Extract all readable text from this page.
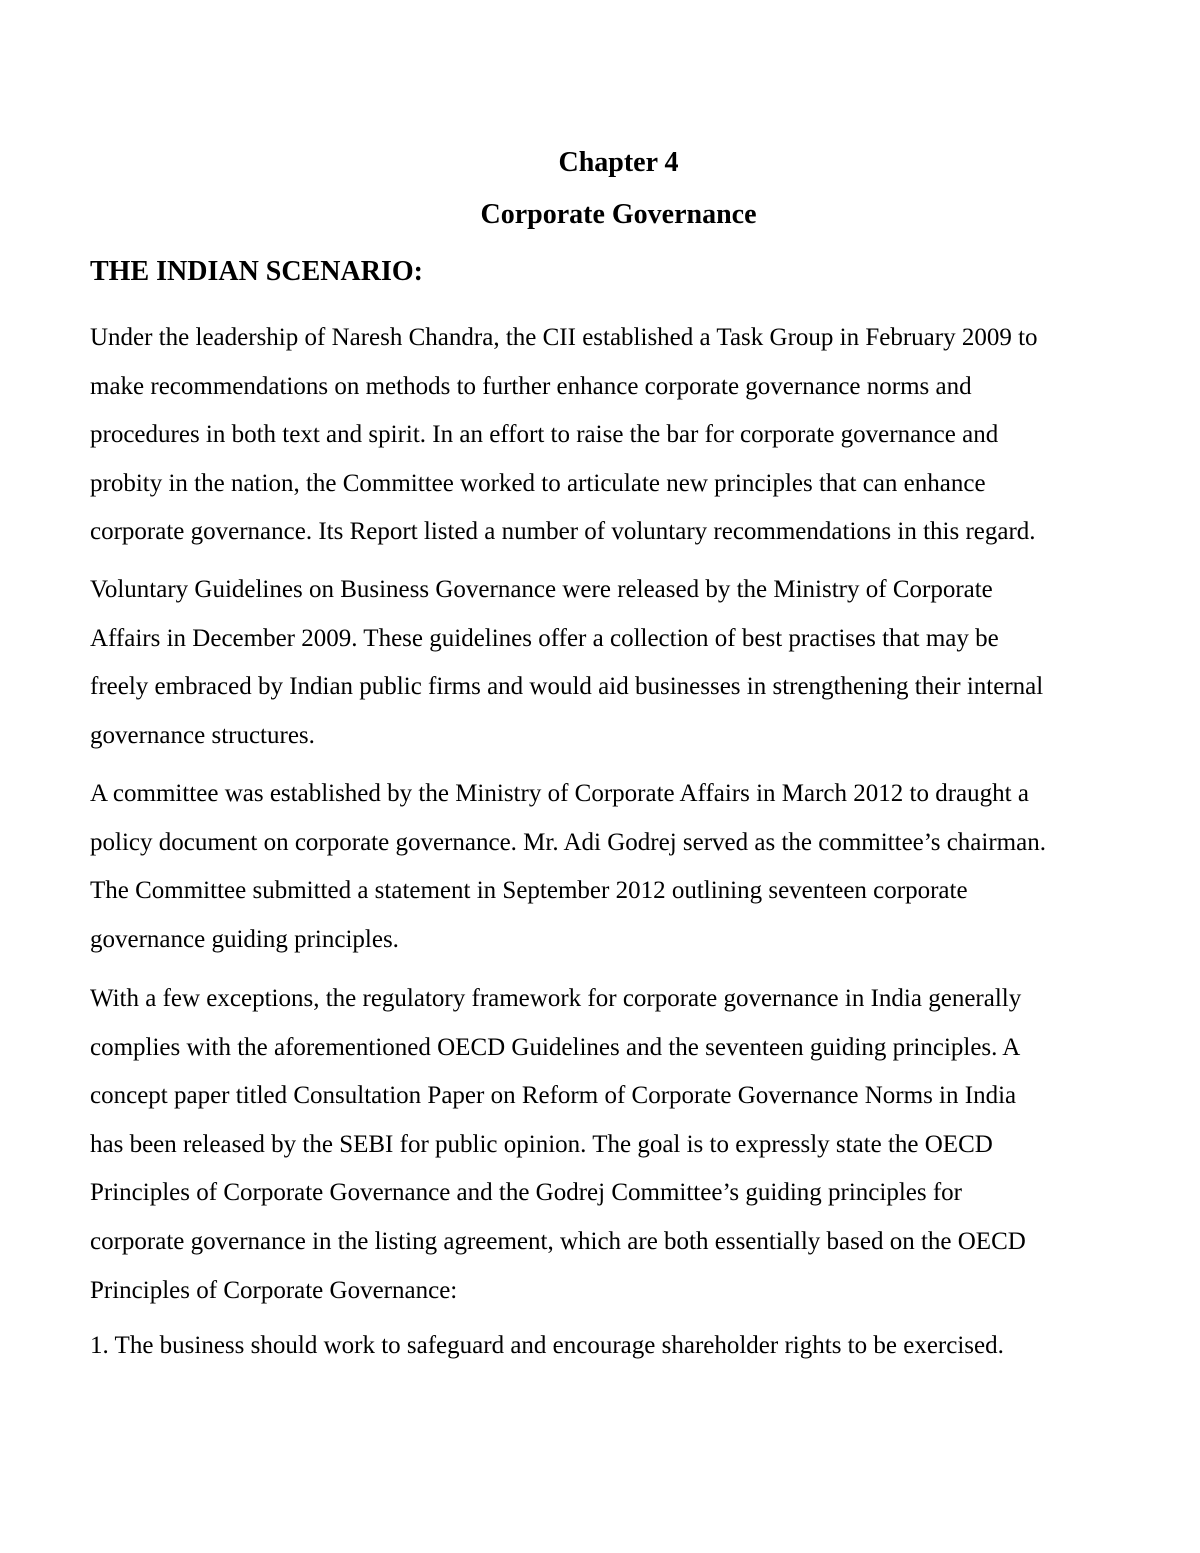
Chapter 4
Corporate Governance
THE INDIAN SCENARIO:

Under the leadership of Naresh Chandra, the CII established a Task Group in February 2009 to
make recommendations on methods to further enhance corporate governance norms and
procedures in both text and spirit. In an effort to raise the bar for corporate governance and
probity in the nation, the Committee worked to articulate new principles that can enhance
corporate governance. Its Report listed a number of voluntary recommendations in this regard.

Voluntary Guidelines on Business Governance were released by the Ministry of Corporate
Affairs in December 2009. These guidelines offer a collection of best practises that may be
freely embraced by Indian public firms and would aid businesses in strengthening their internal
governance structures.

A committee was established by the Ministry of Corporate Affairs in March 2012 to draught a
policy document on corporate governance. Mr. Adi Godrej served as the committee’s chairman.
The Committee submitted a statement in September 2012 outlining seventeen corporate
governance guiding principles.

With a few exceptions, the regulatory framework for corporate governance in India generally
complies with the aforementioned OECD Guidelines and the seventeen guiding principles. A
concept paper titled Consultation Paper on Reform of Corporate Governance Norms in India
has been released by the SEBI for public opinion. The goal is to expressly state the OECD
Principles of Corporate Governance and the Godrej Committee’s guiding principles for
corporate governance in the listing agreement, which are both essentially based on the OECD
Principles of Corporate Governance:

1. The business should work to safeguard and encourage shareholder rights to be exercised.
